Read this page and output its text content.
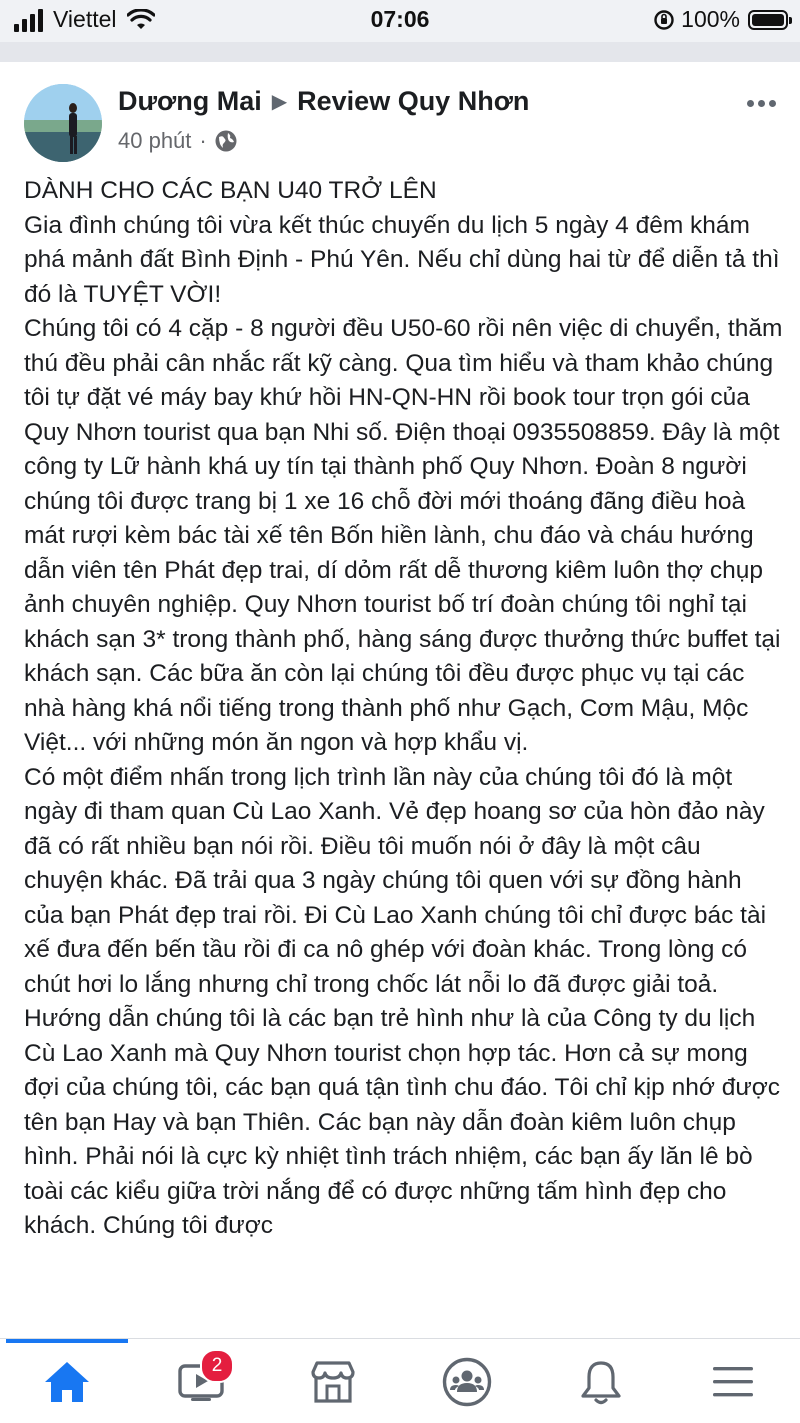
Viettel	07:06	100%
Dương Mai ▶ Review Quy Nhơn
40 phút ·

DÀNH CHO CÁC BẠN U40 TRỞ LÊN

Gia đình chúng tôi vừa kết thúc chuyến du lịch 5 ngày 4 đêm khám phá mảnh đất Bình Định - Phú Yên. Nếu chỉ dùng hai từ để diễn tả thì đó là TUYỆT VỜI!

Chúng tôi có 4 cặp - 8 người đều U50-60 rồi nên việc di chuyển, thăm thú đều phải cân nhắc rất kỹ càng. Qua tìm hiểu và tham khảo chúng tôi tự đặt vé máy bay khứ hồi HN-QN-HN rồi book tour trọn gói của Quy Nhơn tourist qua bạn Nhi số. Điện thoại 0935508859. Đây là một công ty Lữ hành khá uy tín tại thành phố Quy Nhơn. Đoàn 8 người chúng tôi được trang bị 1 xe 16 chỗ đời mới thoáng đãng điều hoà mát rượi kèm bác tài xế tên Bốn hiền lành, chu đáo và cháu hướng dẫn viên tên Phát đẹp trai, dí dỏm rất dễ thương kiêm luôn thợ chụp ảnh chuyên nghiệp. Quy Nhơn tourist bố trí đoàn chúng tôi nghỉ tại khách sạn 3* trong thành phố, hàng sáng được thưởng thức buffet tại khách sạn. Các bữa ăn còn lại chúng tôi đều được phục vụ tại các nhà hàng khá nổi tiếng trong thành phố như Gạch, Cơm Mậu, Mộc Việt... với những món ăn ngon và hợp khẩu vị.

Có một điểm nhấn trong lịch trình lần này của chúng tôi đó là một ngày đi tham quan Cù Lao Xanh. Vẻ đẹp hoang sơ của hòn đảo này đã có rất nhiều bạn nói rồi. Điều tôi muốn nói ở đây là một câu chuyện khác. Đã trải qua 3 ngày chúng tôi quen với sự đồng hành của bạn Phát đẹp trai rồi. Đi Cù Lao Xanh chúng tôi chỉ được bác tài xế đưa đến bến tầu rồi đi ca nô ghép với đoàn khác. Trong lòng có chút hơi lo lắng nhưng chỉ trong chốc lát nỗi lo đã được giải toả. Hướng dẫn chúng tôi là các bạn trẻ hình như là của Công ty du lịch Cù Lao Xanh mà Quy Nhơn tourist chọn hợp tác. Hơn cả sự mong đợi của chúng tôi, các bạn quá tận tình chu đáo. Tôi chỉ kịp nhớ được tên bạn Hay và bạn Thiên. Các bạn này dẫn đoàn kiêm luôn chụp hình. Phải nói là cực kỳ nhiệt tình trách nhiệm, các bạn ấy lăn lê bò toài các kiểu giữa trời nắng để có được những tấm hình đẹp cho khách. Chúng tôi được

2
